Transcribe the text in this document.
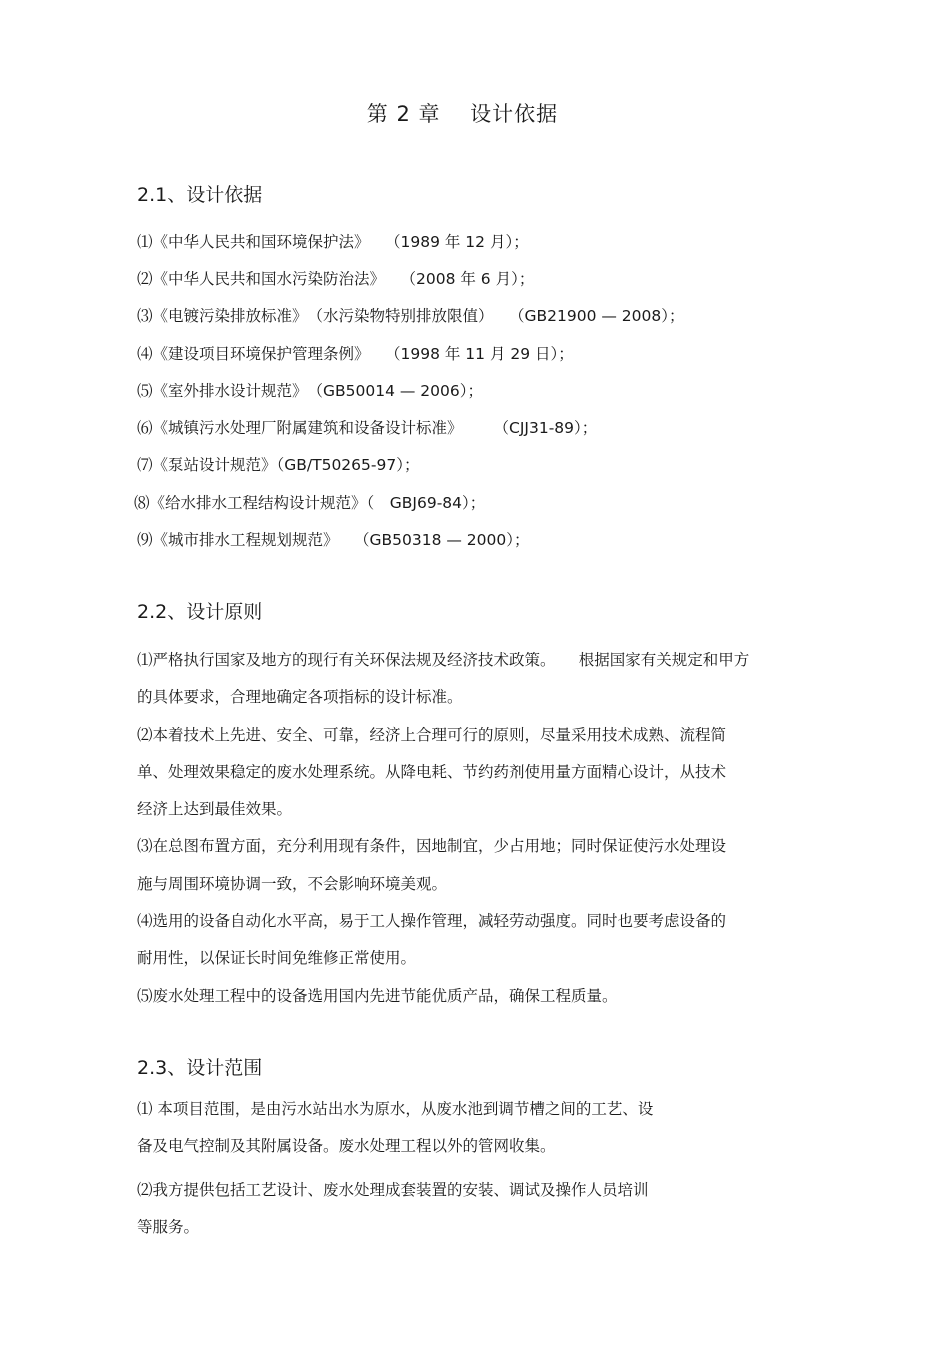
第 2 章　 设计依据
2.1、设计依据
⑴《中华人民共和国环境保护法》　　（1989 年 12 月）；
⑵《中华人民共和国水污染防治法》　　（2008 年 6 月）；
⑶《电镀污染排放标准》　（水污染物特别排放限值）　　（GB21900 — 2008）；
⑷《建设项目环境保护管理条例》　　（1998 年 11 月 29 日）；
⑸《室外排水设计规范》　（GB50014 — 2006）；
⑹《城镇污水处理厂附属建筑和设备设计标准》　　　（CJJ31-89）；
⑺《泵站设计规范》（GB/T50265-97）；
⑻《给水排水工程结构设计规范》（　GBJ69-84）；
⑼《城市排水工程规划规范》　　（GB50318 — 2000）；
2.2、设计原则
⑴严格执行国家及地方的现行有关环保法规及经济技术政策。　　根据国家有关规定和甲方
的具体要求，合理地确定各项指标的设计标准。
⑵本着技术上先进、安全、可靠，经济上合理可行的原则，尽量采用技术成熟、流程简
单、处理效果稳定的废水处理系统。从降电耗、节约药剂使用量方面精心设计，从技术
经济上达到最佳效果。
⑶在总图布置方面，充分利用现有条件，因地制宜，少占用地；同时保证使污水处理设
施与周围环境协调一致，不会影响环境美观。
⑷选用的设备自动化水平高，易于工人操作管理，减轻劳动强度。同时也要考虑设备的
耐用性，以保证长时间免维修正常使用。
⑸废水处理工程中的设备选用国内先进节能优质产品，确保工程质量。
2.3、设计范围
⑴ 本项目范围，是由污水站出水为原水，从废水池到调节槽之间的工艺、设
备及电气控制及其附属设备。废水处理工程以外的管网收集。
⑵我方提供包括工艺设计、废水处理成套装置的安装、调试及操作人员培训
等服务。
